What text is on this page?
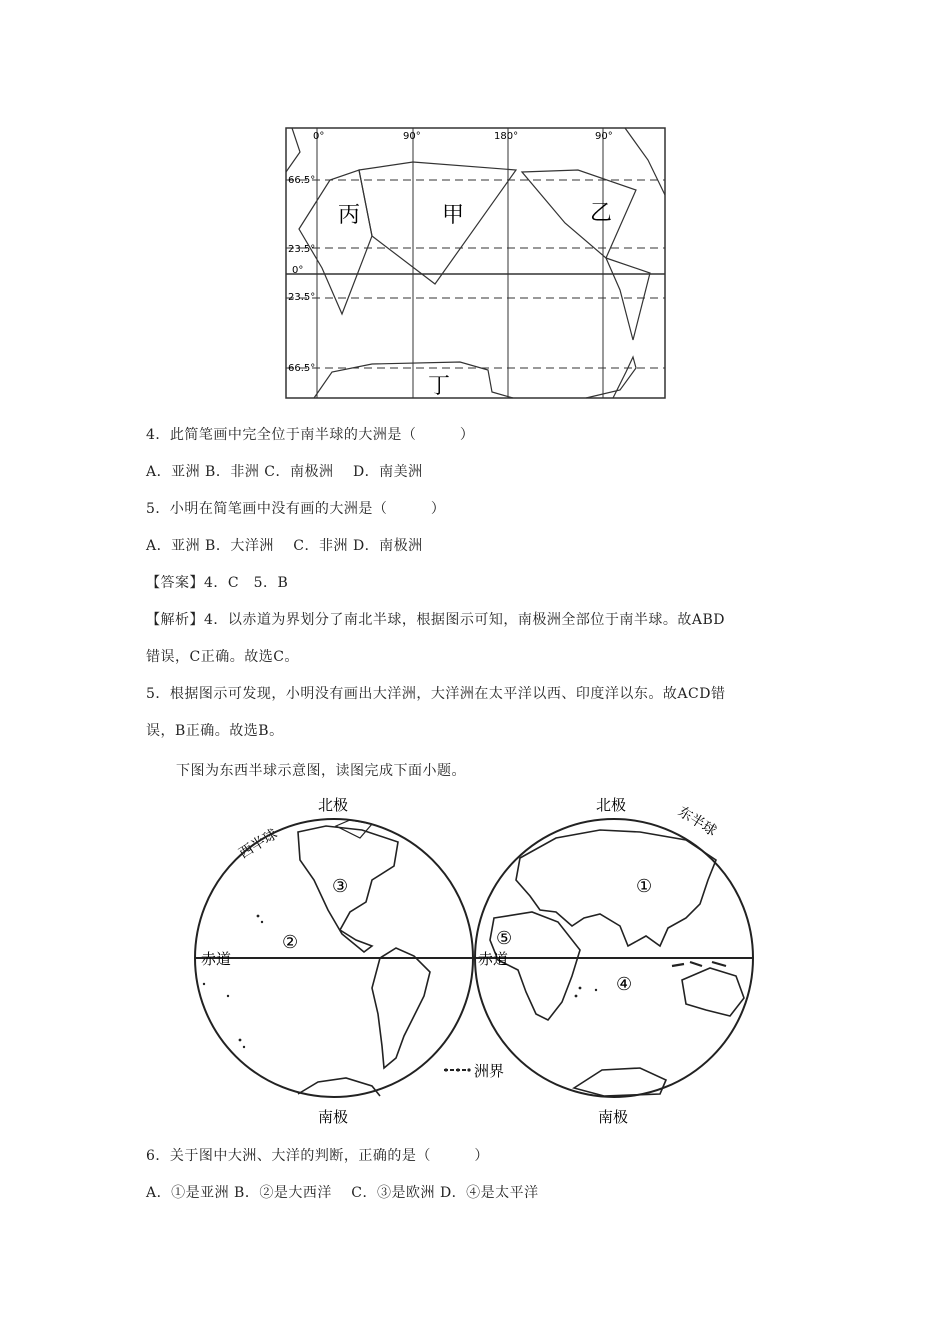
0°	90°	180°	90°
66.5°
23.5°
0°
23.5°
66.5°
丙	甲	乙
丁
4．此简笔画中完全位于南半球的大洲是（　　　）
A．亚洲 B．非洲 C．南极洲　 D．南美洲
5．小明在简笔画中没有画的大洲是（　　　）
A．亚洲 B．大洋洲　 C．非洲 D．南极洲
【答案】4．C　5．B
【解析】4．以赤道为界划分了南北半球，根据图示可知，南极洲全部位于南半球。故ABD
错误，C正确。故选C。
5．根据图示可发现，小明没有画出大洋洲，大洋洲在太平洋以西、印度洋以东。故ACD错
误，B正确。故选B。
下图为东西半球示意图，读图完成下面小题。
北极	北极
西半球
东半球
①
②
③
④
⑤
赤道	赤道
洲界
南极	南极
6．关于图中大洲、大洋的判断，正确的是（　　　）
A．①是亚洲 B．②是大西洋　 C．③是欧洲 D．④是太平洋
